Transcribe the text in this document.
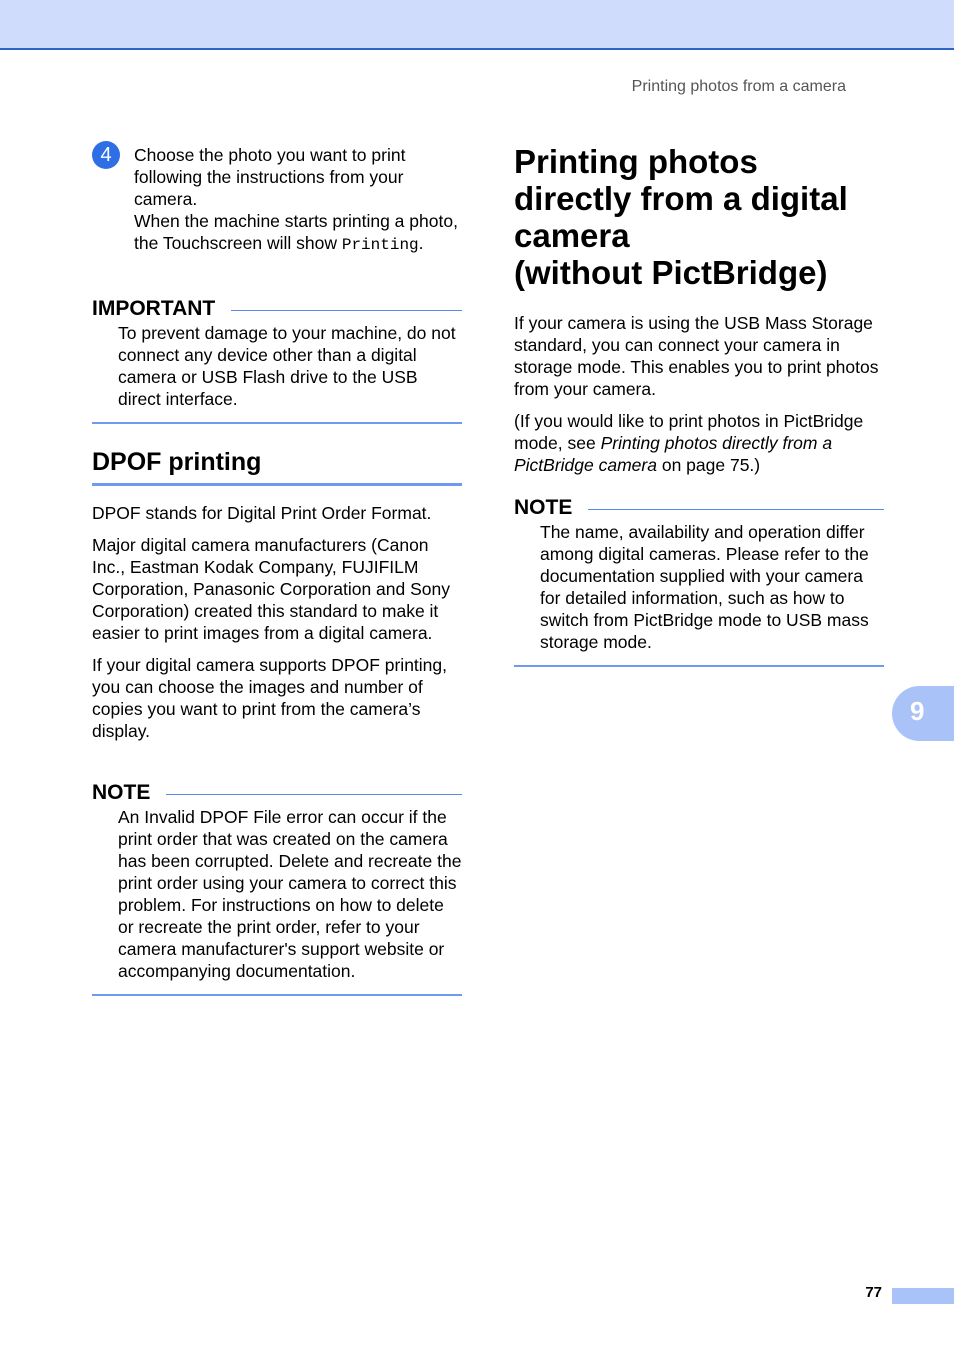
Printing photos from a camera
4	Choose the photo you want to print following the instructions from your camera.

When the machine starts printing a photo, the Touchscreen will show Printing.

IMPORTANT
To prevent damage to your machine, do not connect any device other than a digital camera or USB Flash drive to the USB direct interface.
DPOF printing
DPOF stands for Digital Print Order Format.
Major digital camera manufacturers (Canon Inc., Eastman Kodak Company, FUJIFILM Corporation, Panasonic Corporation and Sony Corporation) created this standard to make it easier to print images from a digital camera.
If your digital camera supports DPOF printing, you can choose the images and number of copies you want to print from the camera’s display.
NOTE
An Invalid DPOF File error can occur if the print order that was created on the camera has been corrupted. Delete and recreate the print order using your camera to correct this problem. For instructions on how to delete or recreate the print order, refer to your camera manufacturer's support website or accompanying documentation.
Printing photos
directly from a digital
camera
(without PictBridge)
If your camera is using the USB Mass Storage standard, you can connect your camera in storage mode. This enables you to print photos from your camera.
(If you would like to print photos in PictBridge mode, see Printing photos directly from a PictBridge camera on page 75.)
NOTE
The name, availability and operation differ among digital cameras. Please refer to the documentation supplied with your camera for detailed information, such as how to switch from PictBridge mode to USB mass storage mode.
9
77
